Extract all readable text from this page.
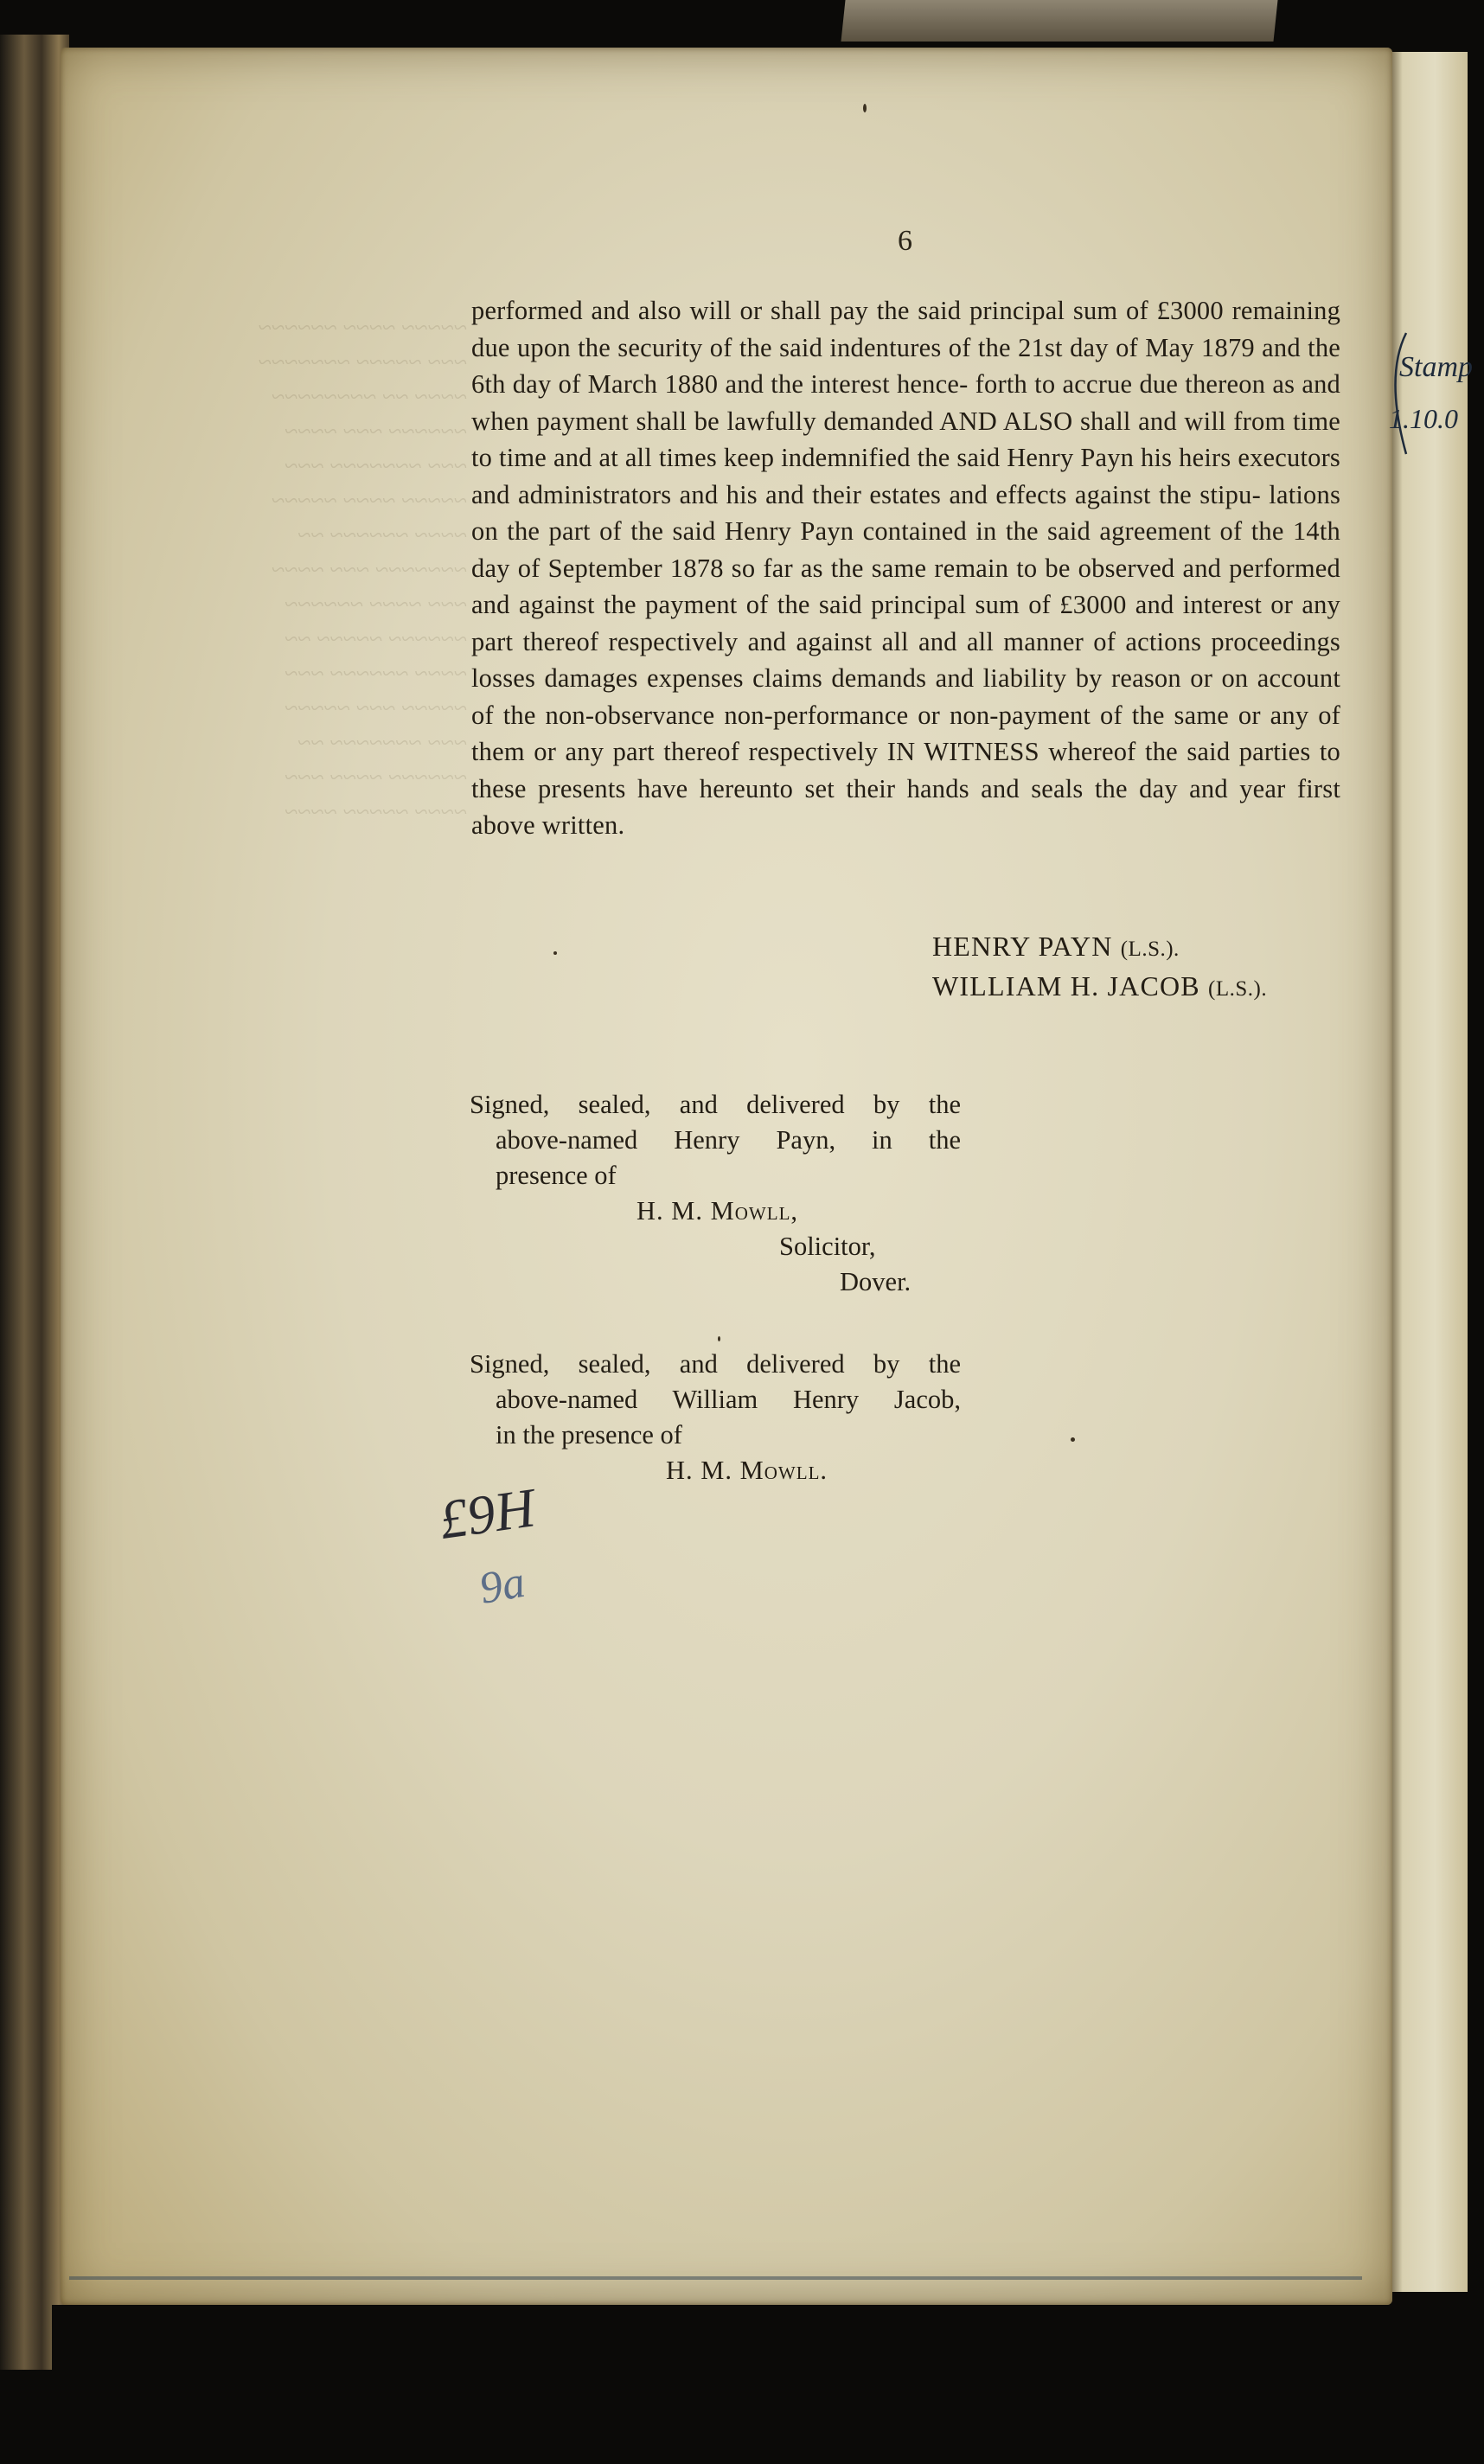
~~~~~ ~~~~ ~~~~~~
~~~ ~~~~~ ~~~~~~~
~~~~ ~~ ~~~~~~~~
~~~~~~ ~~~ ~~~~
~~~ ~~~~~~~ ~~~
~~~~~ ~~~~ ~~~~~
~~~~ ~~~~~~ ~~
~~~~~~~ ~~~ ~~~~
~~~ ~~~~ ~~~~~~
~~~~~~ ~~~~~ ~~
~~~~ ~~~~~~ ~~~
~~~~~ ~~~ ~~~~~
~~~ ~~~~~~~ ~~
~~~~~~ ~~~~ ~~~
~~~~ ~~~~~ ~~~~
6
performed and also will or shall pay the said principal sum of £3000 remaining due upon the security of the said indentures of the 21st day of May 1879 and the 6th day of March 1880 and the interest hence- forth to accrue due thereon as and when payment shall be lawfully demanded AND ALSO shall and will from time to time and at all times keep indemnified the said Henry Payn his heirs executors and administrators and his and their estates and effects against the stipu- lations on the part of the said Henry Payn contained in the said agreement of the 14th day of September 1878 so far as the same remain to be observed and performed and against the payment of the said principal sum of £3000 and interest or any part thereof respectively and against all and all manner of actions proceedings losses damages expenses claims demands and liability by reason or on account of the non-observance non-performance or non-payment of the same or any of them or any part thereof respectively IN WITNESS whereof the said parties to these presents have hereunto set their hands and seals the day and year first above written.
HENRY PAYN (L.S.).
WILLIAM H. JACOB (L.S.).
Signed, sealed, and delivered by the
above-named Henry Payn, in the
presence of
H. M. Mowll,
Solicitor,
Dover.
Signed, sealed, and delivered by the
above-named William Henry Jacob,
in the presence of
H. M. Mowll.
Stamp
1.10.0
£9H
9a
